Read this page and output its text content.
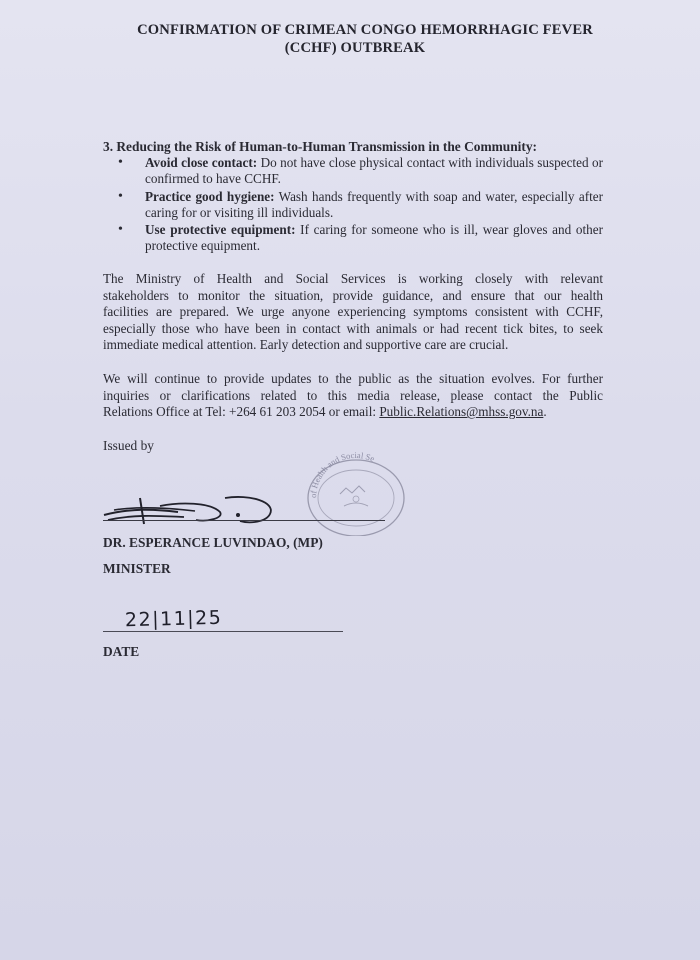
CONFIRMATION OF CRIMEAN CONGO HEMORRHAGIC FEVER
(CCHF) OUTBREAK
3. Reducing the Risk of Human-to-Human Transmission in the Community:
• Avoid close contact: Do not have close physical contact with individuals suspected or confirmed to have CCHF.
• Practice good hygiene: Wash hands frequently with soap and water, especially after caring for or visiting ill individuals.
• Use protective equipment: If caring for someone who is ill, wear gloves and other protective equipment.
The Ministry of Health and Social Services is working closely with relevant
stakeholders to monitor the situation, provide guidance, and ensure that our health
facilities are prepared. We urge anyone experiencing symptoms consistent with CCHF,
especially those who have been in contact with animals or had recent tick bites, to seek
immediate medical attention. Early detection and supportive care are crucial.
We will continue to provide updates to the public as the situation evolves. For further
inquiries or clarifications related to this media release, please contact the Public
Relations Office at Tel: +264 61 203 2054 or email: Public.Relations@mhss.gov.na.
Issued by
of Health and Social Se
DR. ESPERANCE LUVINDAO, (MP)
MINISTER
22|11|25
DATE
